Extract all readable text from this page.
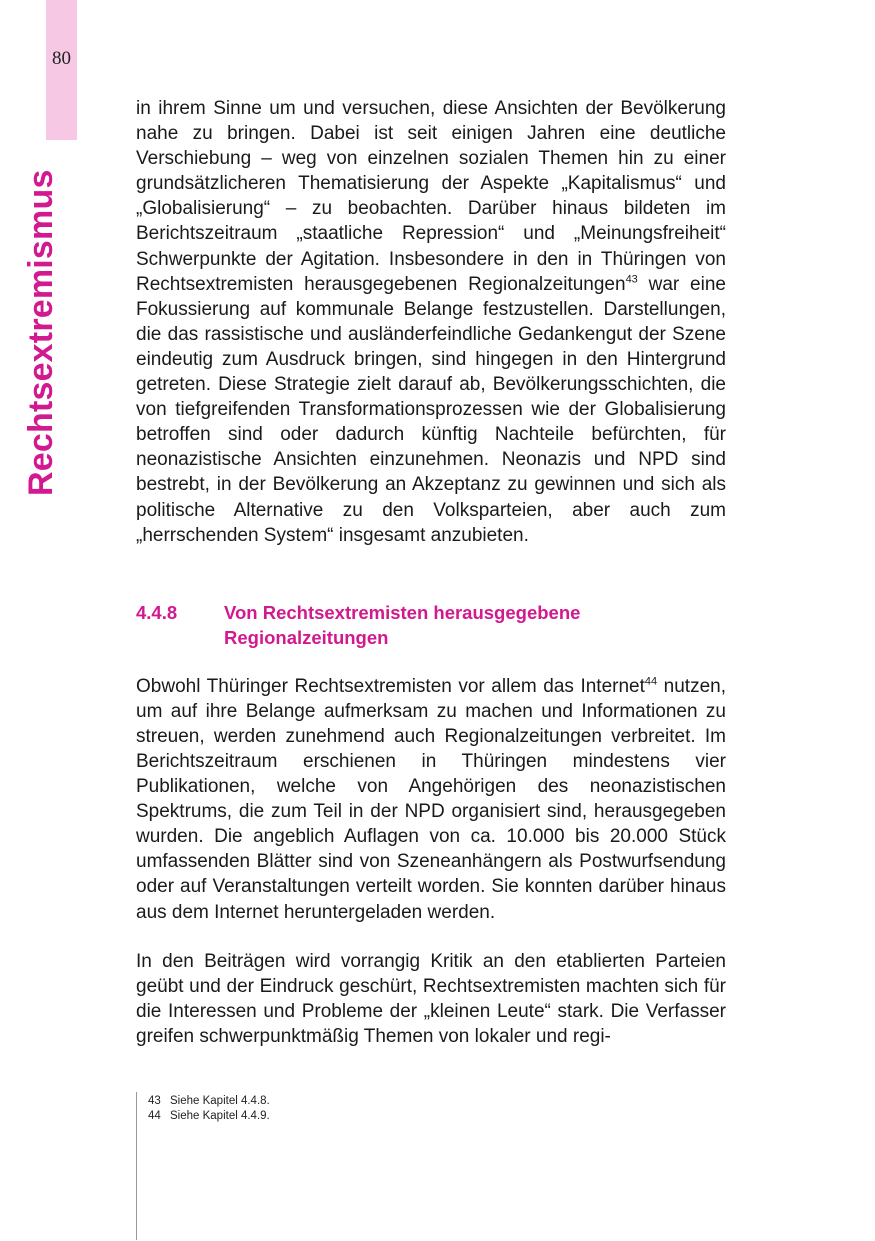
80
Rechtsextremismus

in ihrem Sinne um und versuchen, diese Ansichten der Bevölkerung nahe zu bringen. Dabei ist seit einigen Jahren eine deutliche Verschiebung – weg von einzelnen sozialen Themen hin zu einer grundsätzlicheren Thematisierung der Aspekte „Kapitalismus“ und „Globalisierung“ – zu beobachten. Darüber hinaus bildeten im Berichtszeitraum „staatliche Repression“ und „Meinungsfreiheit“ Schwerpunkte der Agitation. Insbesondere in den in Thüringen von Rechtsextremisten herausgegebenen Regionalzeitungen$^{43}$ war eine Fokussierung auf kommunale Belange festzustellen. Darstellungen, die das rassistische und ausländerfeindliche Gedankengut der Szene eindeutig zum Ausdruck bringen, sind hingegen in den Hintergrund getreten. Diese Strategie zielt darauf ab, Bevölkerungsschichten, die von tiefgreifenden Transformationsprozessen wie der Globalisierung betroffen sind oder dadurch künftig Nachteile befürchten, für neonazistische Ansichten einzunehmen. Neonazis und NPD sind bestrebt, in der Bevölkerung an Akzeptanz zu gewinnen und sich als politische Alternative zu den Volksparteien, aber auch zum „herrschenden System“ insgesamt anzubieten.

4.4.8	Von Rechtsextremisten herausgegebene Regionalzeitungen

Obwohl Thüringer Rechtsextremisten vor allem das Internet$^{44}$ nutzen, um auf ihre Belange aufmerksam zu machen und Informationen zu streuen, werden zunehmend auch Regionalzeitungen verbreitet. Im Berichtszeitraum erschienen in Thüringen mindestens vier Publikationen, welche von Angehörigen des neonazistischen Spektrums, die zum Teil in der NPD organisiert sind, herausgegeben wurden. Die angeblich Auflagen von ca. 10.000 bis 20.000 Stück umfassenden Blätter sind von Szeneanhängern als Postwurfsendung oder auf Veranstaltungen verteilt worden. Sie konnten darüber hinaus aus dem Internet heruntergeladen werden.

In den Beiträgen wird vorrangig Kritik an den etablierten Parteien geübt und der Eindruck geschürt, Rechtsextremisten machten sich für die Interessen und Probleme der „kleinen Leute“ stark. Die Verfasser greifen schwerpunktmäßig Themen von lokaler und regi-

43 Siehe Kapitel 4.4.8.
44 Siehe Kapitel 4.4.9.
